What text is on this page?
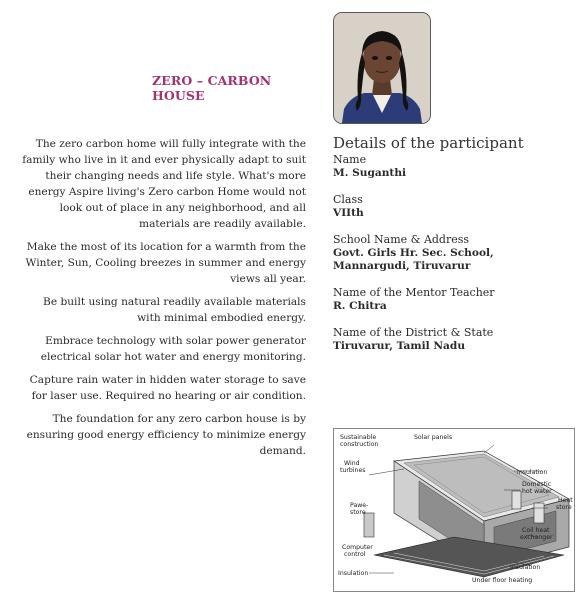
ZERO – CARBON HOUSE

The zero carbon home will fully integrate with the family who live in it and ever physically adapt to suit their changing needs and life style. What's more energy Aspire living's Zero carbon Home would not look out of place in any neighborhood, and all materials are readily available.

Make the most of its location for a warmth from the Winter, Sun, Cooling breezes in summer and energy views all year.

Be built using natural readily available materials with minimal embodied energy.

Embrace technology with solar power generator electrical solar hot water and energy monitoring.

Capture rain water in hidden water storage to save for laser use. Required no hearing or air condition.

The foundation for any zero carbon house is by ensuring good energy efficiency to minimize energy demand.

Details of the participant
Name
M. Suganthi
Class
VIIth
School Name & Address
Govt. Girls Hr. Sec. School, Mannargudi, Tiruvarur
Name of the Mentor Teacher
R. Chitra
Name of the District & State
Tiruvarur, Tamil Nadu
Sustainable
construction
Solar panels
Wind
turbines	Insulation
Domestic
hot water
Heat
store
Pawe-
store
Coil heat
exchanger
Computer
control
Insulation
Insulation
Under floor heating
